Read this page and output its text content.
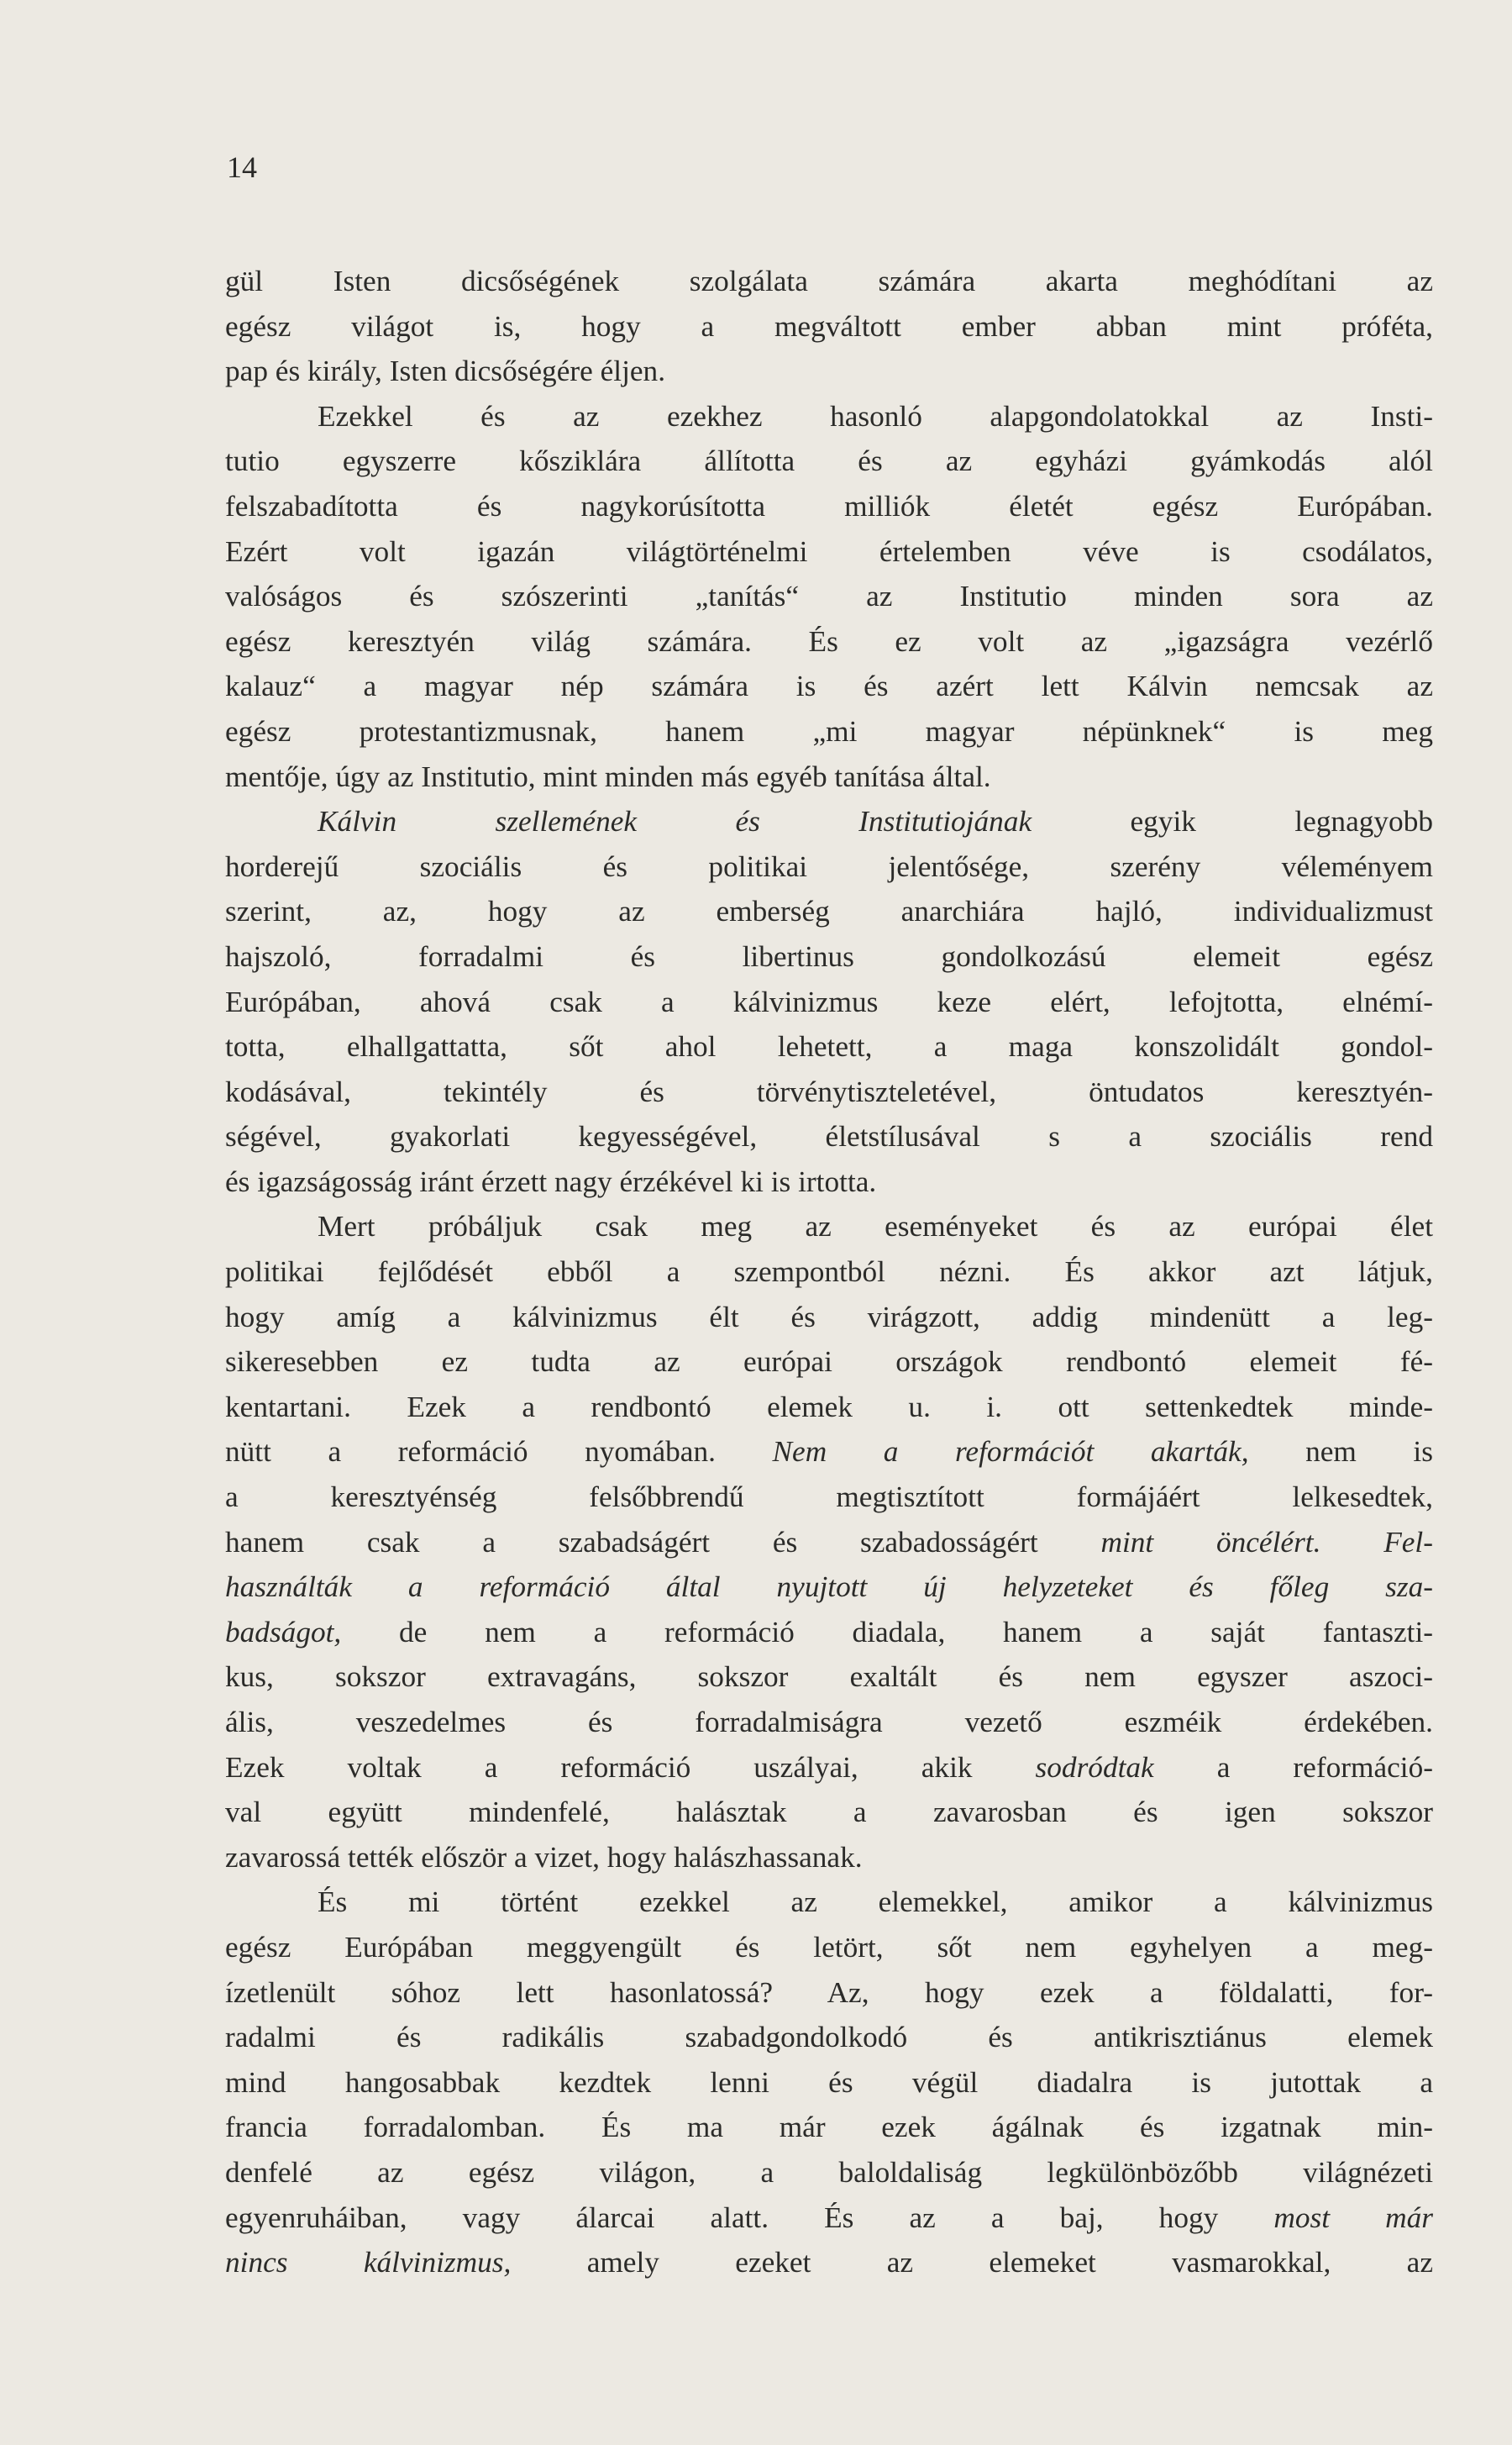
14
gül Isten dicsőségének szolgálata számára akarta meghódítani az
egész világot is, hogy a megváltott ember abban mint próféta,
pap és király, Isten dicsőségére éljen.
Ezekkel és az ezekhez hasonló alapgondolatokkal az Insti-
tutio egyszerre kősziklára állította és az egyházi gyámkodás alól
felszabadította és nagykorúsította milliók életét egész Európában.
Ezért volt igazán világtörténelmi értelemben véve is csodálatos,
valóságos és szószerinti „tanítás“ az Institutio minden sora az
egész keresztyén világ számára. És ez volt az „igazságra vezérlő
kalauz“ a magyar nép számára is és azért lett Kálvin nemcsak az
egész protestantizmusnak, hanem „mi magyar népünknek“ is meg
mentője, úgy az Institutio, mint minden más egyéb tanítása által.
Kálvin szellemének és Institutiojának egyik legnagyobb
horderejű szociális és politikai jelentősége, szerény véleményem
szerint, az, hogy az emberség anarchiára hajló, individualizmust
hajszoló, forradalmi és libertinus gondolkozású elemeit egész
Európában, ahová csak a kálvinizmus keze elért, lefojtotta, elnémí-
totta, elhallgattatta, sőt ahol lehetett, a maga konszolidált gondol-
kodásával, tekintély és törvénytiszteletével, öntudatos keresztyén-
ségével, gyakorlati kegyességével, életstílusával s a szociális rend
és igazságosság iránt érzett nagy érzékével ki is irtotta.
Mert próbáljuk csak meg az eseményeket és az európai élet
politikai fejlődését ebből a szempontból nézni. És akkor azt látjuk,
hogy amíg a kálvinizmus élt és virágzott, addig mindenütt a leg-
sikeresebben ez tudta az európai országok rendbontó elemeit fé-
kentartani. Ezek a rendbontó elemek u. i. ott settenkedtek minde-
nütt a reformáció nyomában. Nem a reformációt akarták, nem is
a keresztyénség felsőbbrendű megtisztított formájáért lelkesedtek,
hanem csak a szabadságért és szabadosságért mint öncélért. Fel-
használták a reformáció által nyujtott új helyzeteket és főleg sza-
badságot, de nem a reformáció diadala, hanem a saját fantaszti-
kus, sokszor extravagáns, sokszor exaltált és nem egyszer aszoci-
ális, veszedelmes és forradalmiságra vezető eszméik érdekében.
Ezek voltak a reformáció uszályai, akik sodródtak a reformáció-
val együtt mindenfelé, halásztak a zavarosban és igen sokszor
zavarossá tették először a vizet, hogy halászhassanak.
És mi történt ezekkel az elemekkel, amikor a kálvinizmus
egész Európában meggyengült és letört, sőt nem egyhelyen a meg-
ízetlenült sóhoz lett hasonlatossá? Az, hogy ezek a földalatti, for-
radalmi és radikális szabadgondolkodó és antikrisztiánus elemek
mind hangosabbak kezdtek lenni és végül diadalra is jutottak a
francia forradalomban. És ma már ezek ágálnak és izgatnak min-
denfelé az egész világon, a baloldaliság legkülönbözőbb világnézeti
egyenruháiban, vagy álarcai alatt. És az a baj, hogy most már
nincs kálvinizmus, amely ezeket az elemeket vasmarokkal, az
